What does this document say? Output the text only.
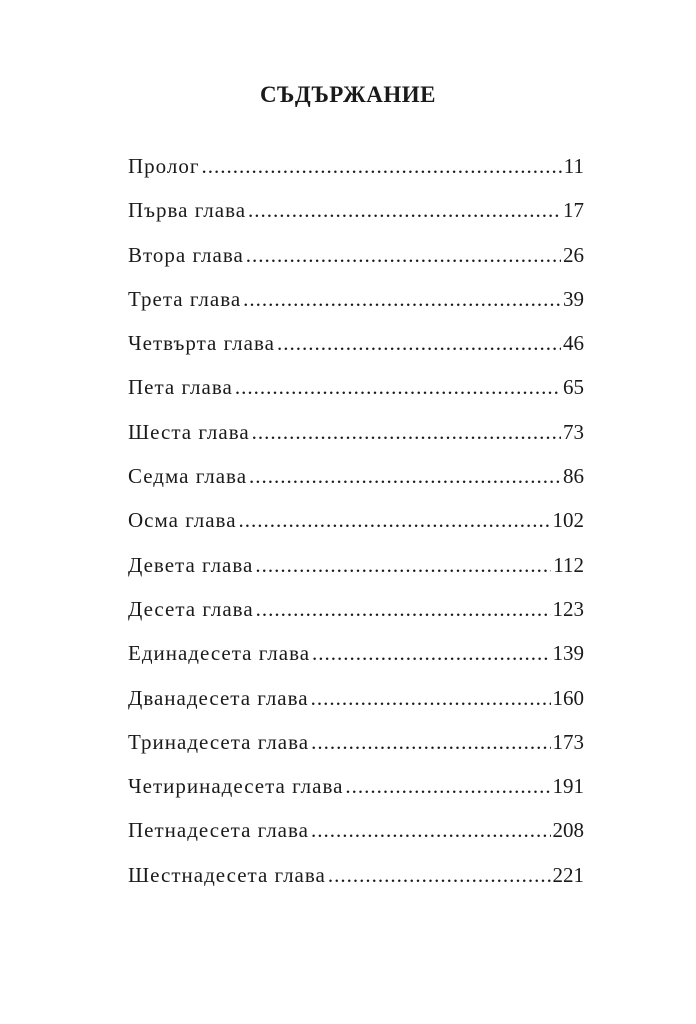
СЪДЪРЖАНИЕ
Пролог .....	11
Първа глава .....	17
Втора глава .....	26
Трета глава .....	39
Четвърта глава .....	46
Пета глава .....	65
Шеста глава .....	73
Седма глава .....	86
Осма глава .....	102
Девета глава .....	112
Десета глава .....	123
Единадесета глава .....	139
Дванадесета глава .....	160
Тринадесета глава .....	173
Четиринадесета глава .....	191
Петнадесета глава .....	208
Шестнадесета глава .....	221
